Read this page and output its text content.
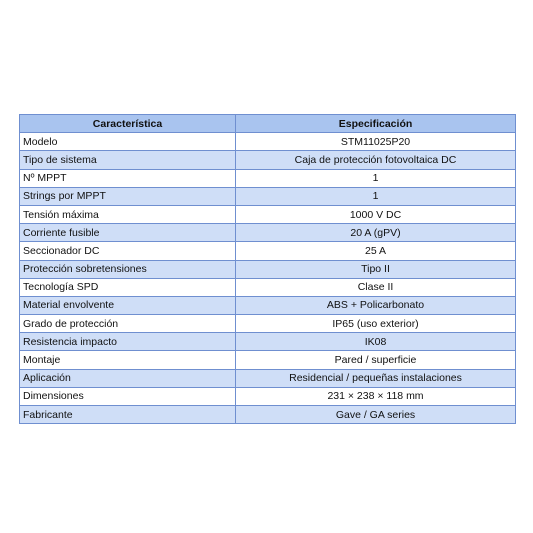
Característica	Especificación
Modelo	STM11025P20
Tipo de sistema	Caja de protección fotovoltaica DC
Nº MPPT	1
Strings por MPPT	1
Tensión máxima	1000 V DC
Corriente fusible	20 A (gPV)
Seccionador DC	25 A
Protección sobretensiones	Tipo II
Tecnología SPD	Clase II
Material envolvente	ABS + Policarbonato
Grado de protección	IP65 (uso exterior)
Resistencia impacto	IK08
Montaje	Pared / superficie
Aplicación	Residencial / pequeñas instalaciones
Dimensiones	231 × 238 × 118 mm
Fabricante	Gave / GA series
